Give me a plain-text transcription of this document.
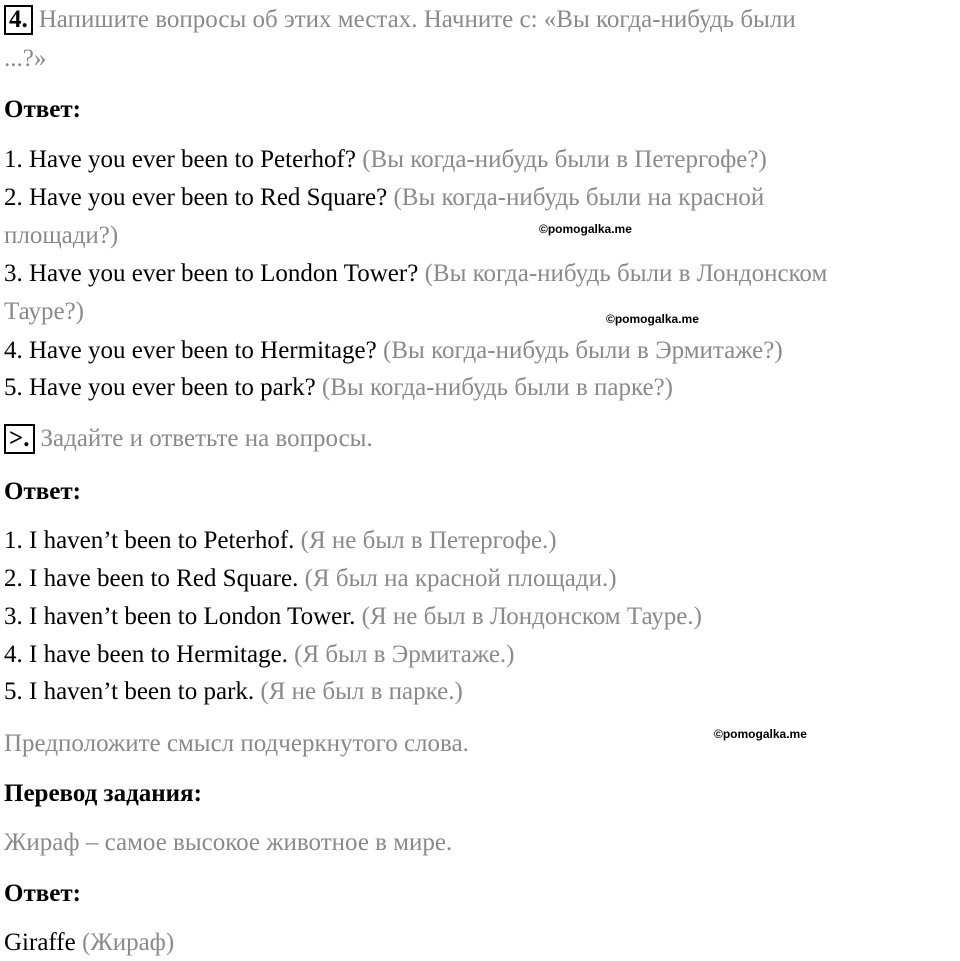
4. Напишите вопросы об этих местах. Начните с: «Вы когда-нибудь были
...?»
Ответ:
1. Have you ever been to Peterhof? (Вы когда-нибудь были в Петергофе?)
2. Have you ever been to Red Square? (Вы когда-нибудь были на красной
площади?)
3. Have you ever been to London Tower? (Вы когда-нибудь были в Лондонском
Тауре?)
4. Have you ever been to Hermitage? (Вы когда-нибудь были в Эрмитаже?)
5. Have you ever been to park? (Вы когда-нибудь были в парке?)
>. Задайте и ответьте на вопросы.
Ответ:
1. I haven’t been to Peterhof. (Я не был в Петергофе.)
2. I have been to Red Square. (Я был на красной площади.)
3. I haven’t been to London Tower. (Я не был в Лондонском Тауре.)
4. I have been to Hermitage. (Я был в Эрмитаже.)
5. I haven’t been to park. (Я не был в парке.)
Предположите смысл подчеркнутого слова.
Перевод задания:
Жираф – самое высокое животное в мире.
Ответ:
Giraffe (Жираф)
©pomogalka.me
©pomogalka.me
©pomogalka.me
